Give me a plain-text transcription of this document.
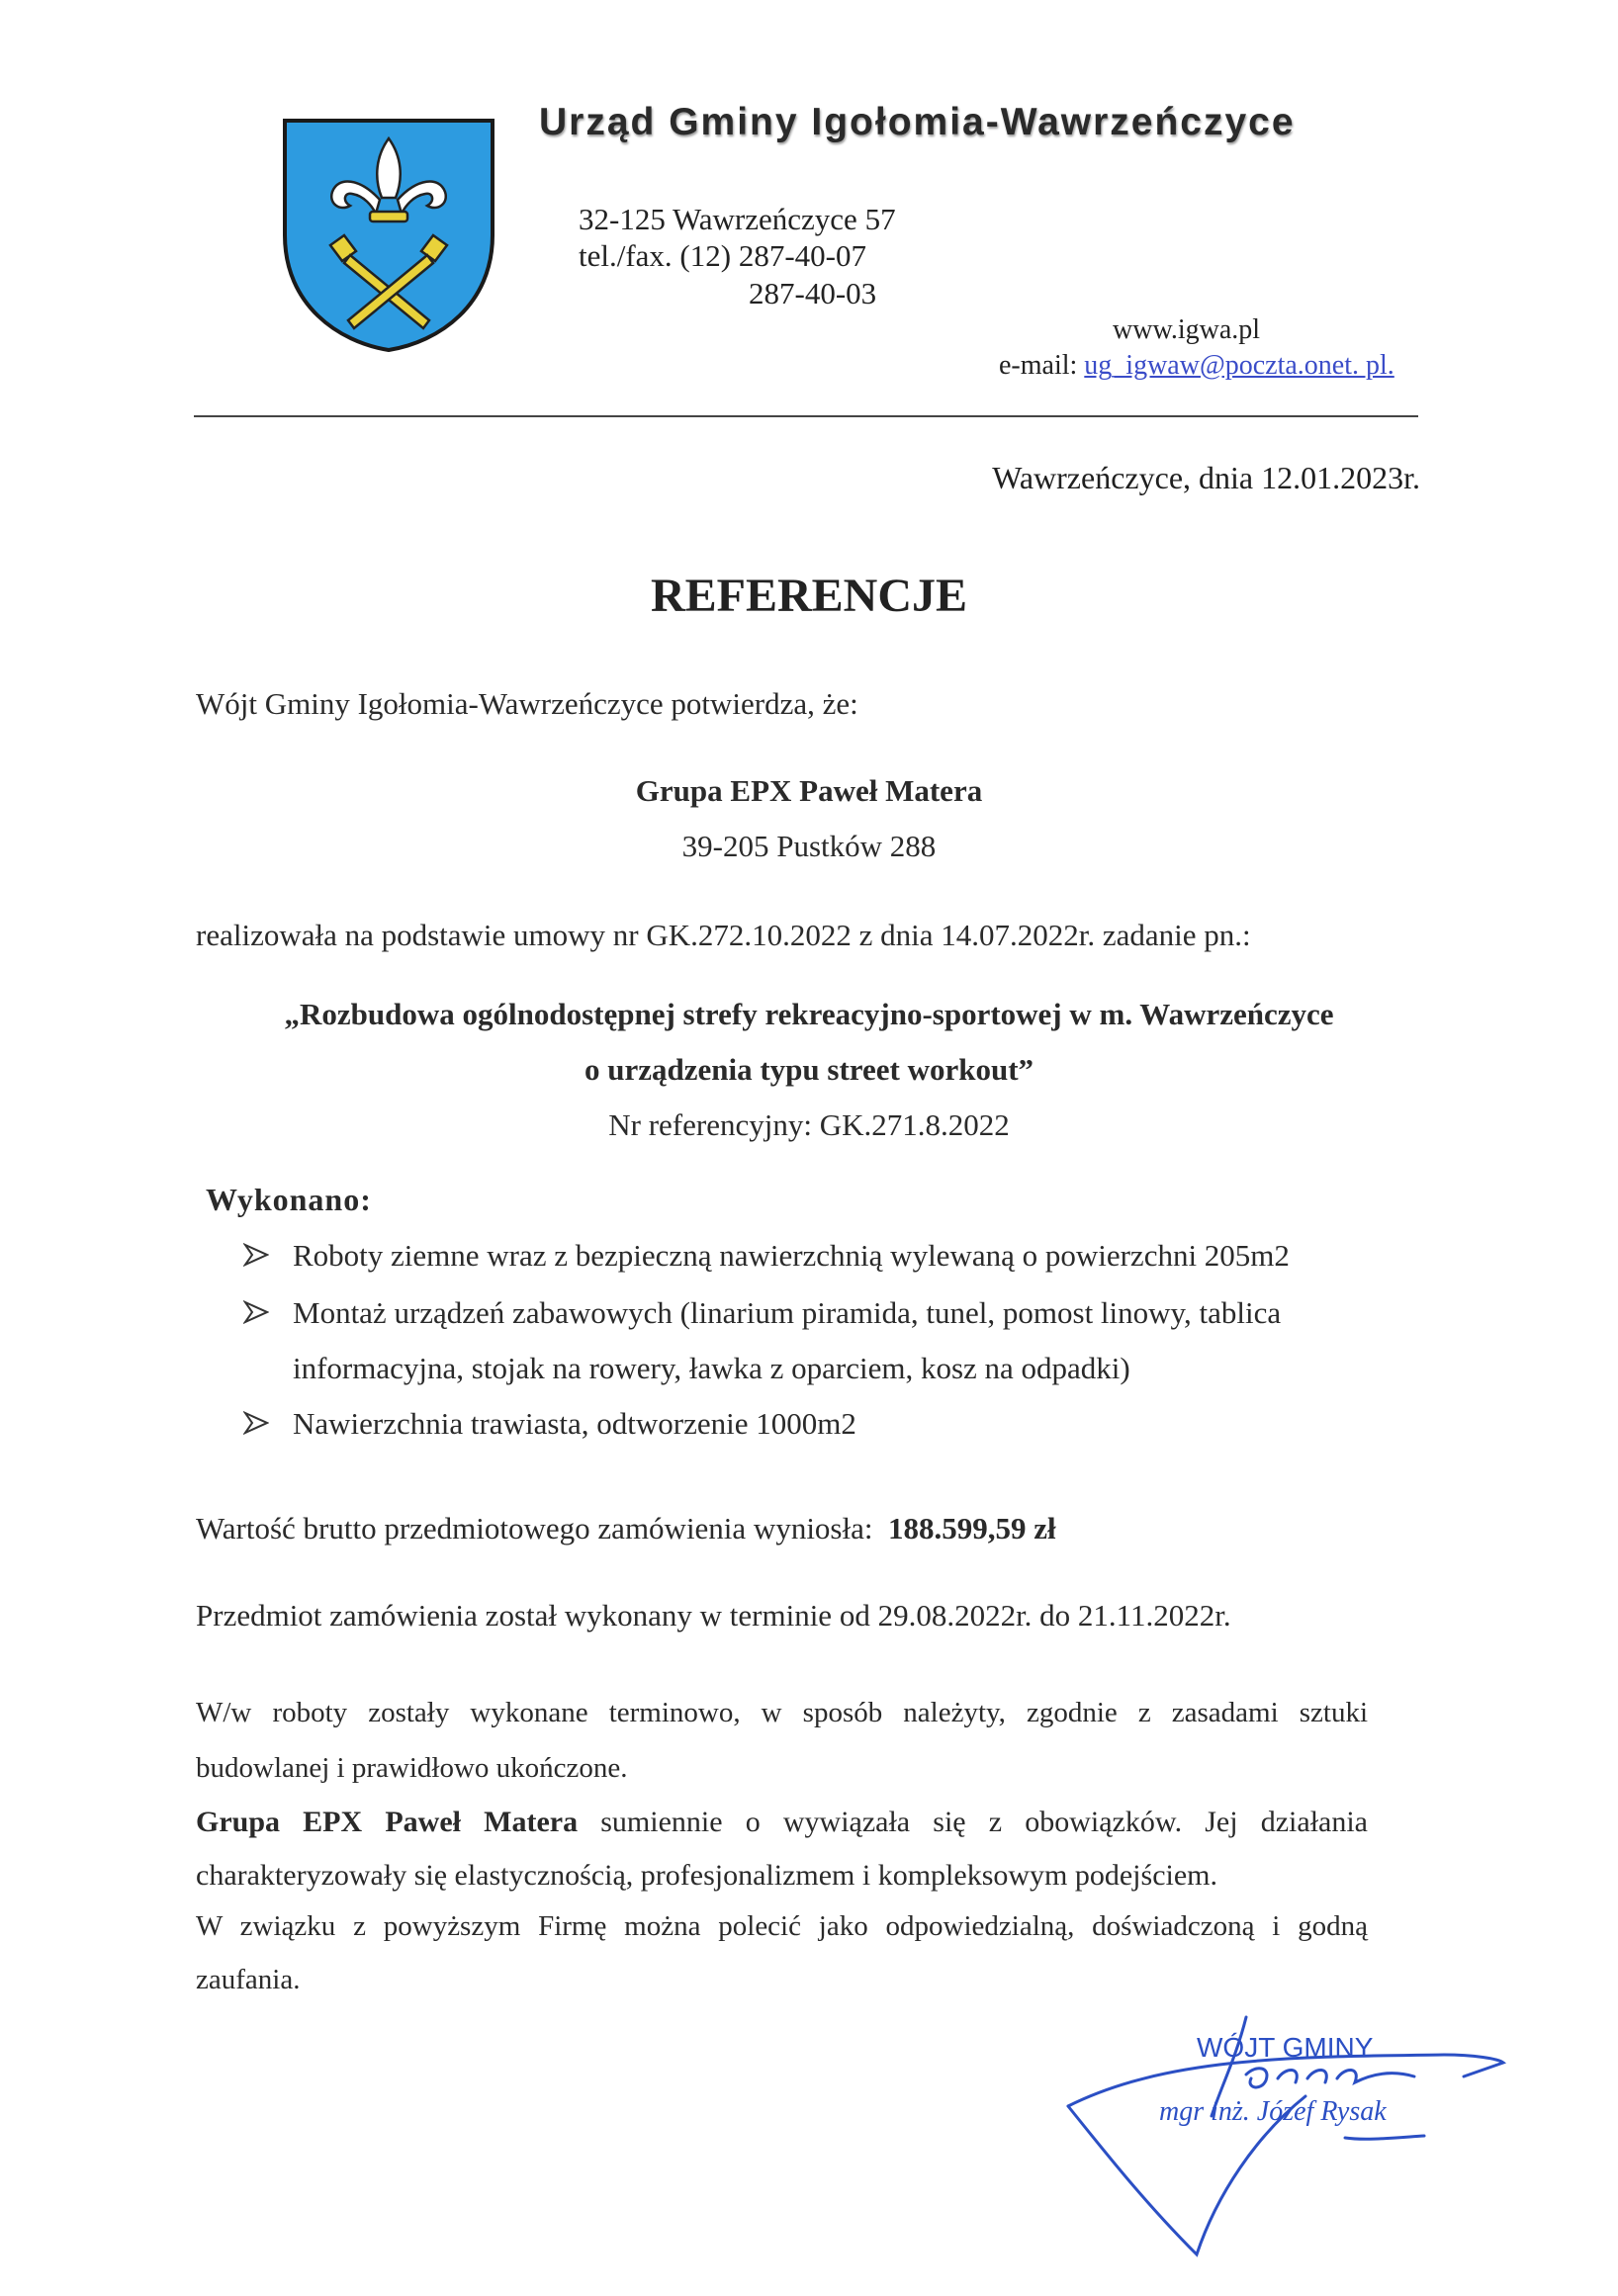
Urząd Gminy Igołomia-Wawrzeńczyce
32-125 Wawrzeńczyce 57
tel./fax. (12) 287-40-07
287-40-03
www.igwa.pl
e-mail: ug_igwaw@poczta.onet. pl.
Wawrzeńczyce, dnia 12.01.2023r.
REFERENCJE
Wójt Gminy Igołomia-Wawrzeńczyce potwierdza, że:
Grupa EPX Paweł Matera
39-205 Pustków 288
realizowała na podstawie umowy nr GK.272.10.2022 z dnia 14.07.2022r. zadanie pn.:
„Rozbudowa ogólnodostępnej strefy rekreacyjno-sportowej w m. Wawrzeńczyce
o urządzenia typu street workout”
Nr referencyjny: GK.271.8.2022
Wykonano:
Roboty ziemne wraz z bezpieczną nawierzchnią wylewaną o powierzchni 205m2
Montaż urządzeń zabawowych (linarium piramida, tunel, pomost linowy, tablica
informacyjna, stojak na rowery, ławka z oparciem, kosz na odpadki)
Nawierzchnia trawiasta, odtworzenie 1000m2
Wartość brutto przedmiotowego zamówienia wyniosła: 188.599,59 zł
Przedmiot zamówienia został wykonany w terminie od 29.08.2022r. do 21.11.2022r.
W/w roboty zostały wykonane terminowo, w sposób należyty, zgodnie z zasadami sztuki
budowlanej i prawidłowo ukończone.
Grupa EPX Paweł Matera sumiennie o wywiązała się z obowiązków. Jej działania
charakteryzowały się elastycznością, profesjonalizmem i kompleksowym podejściem.
W związku z powyższym Firmę można polecić jako odpowiedzialną, doświadczoną i godną
zaufania.
WÓJT GMINY
mgr inż. Józef Rysak
